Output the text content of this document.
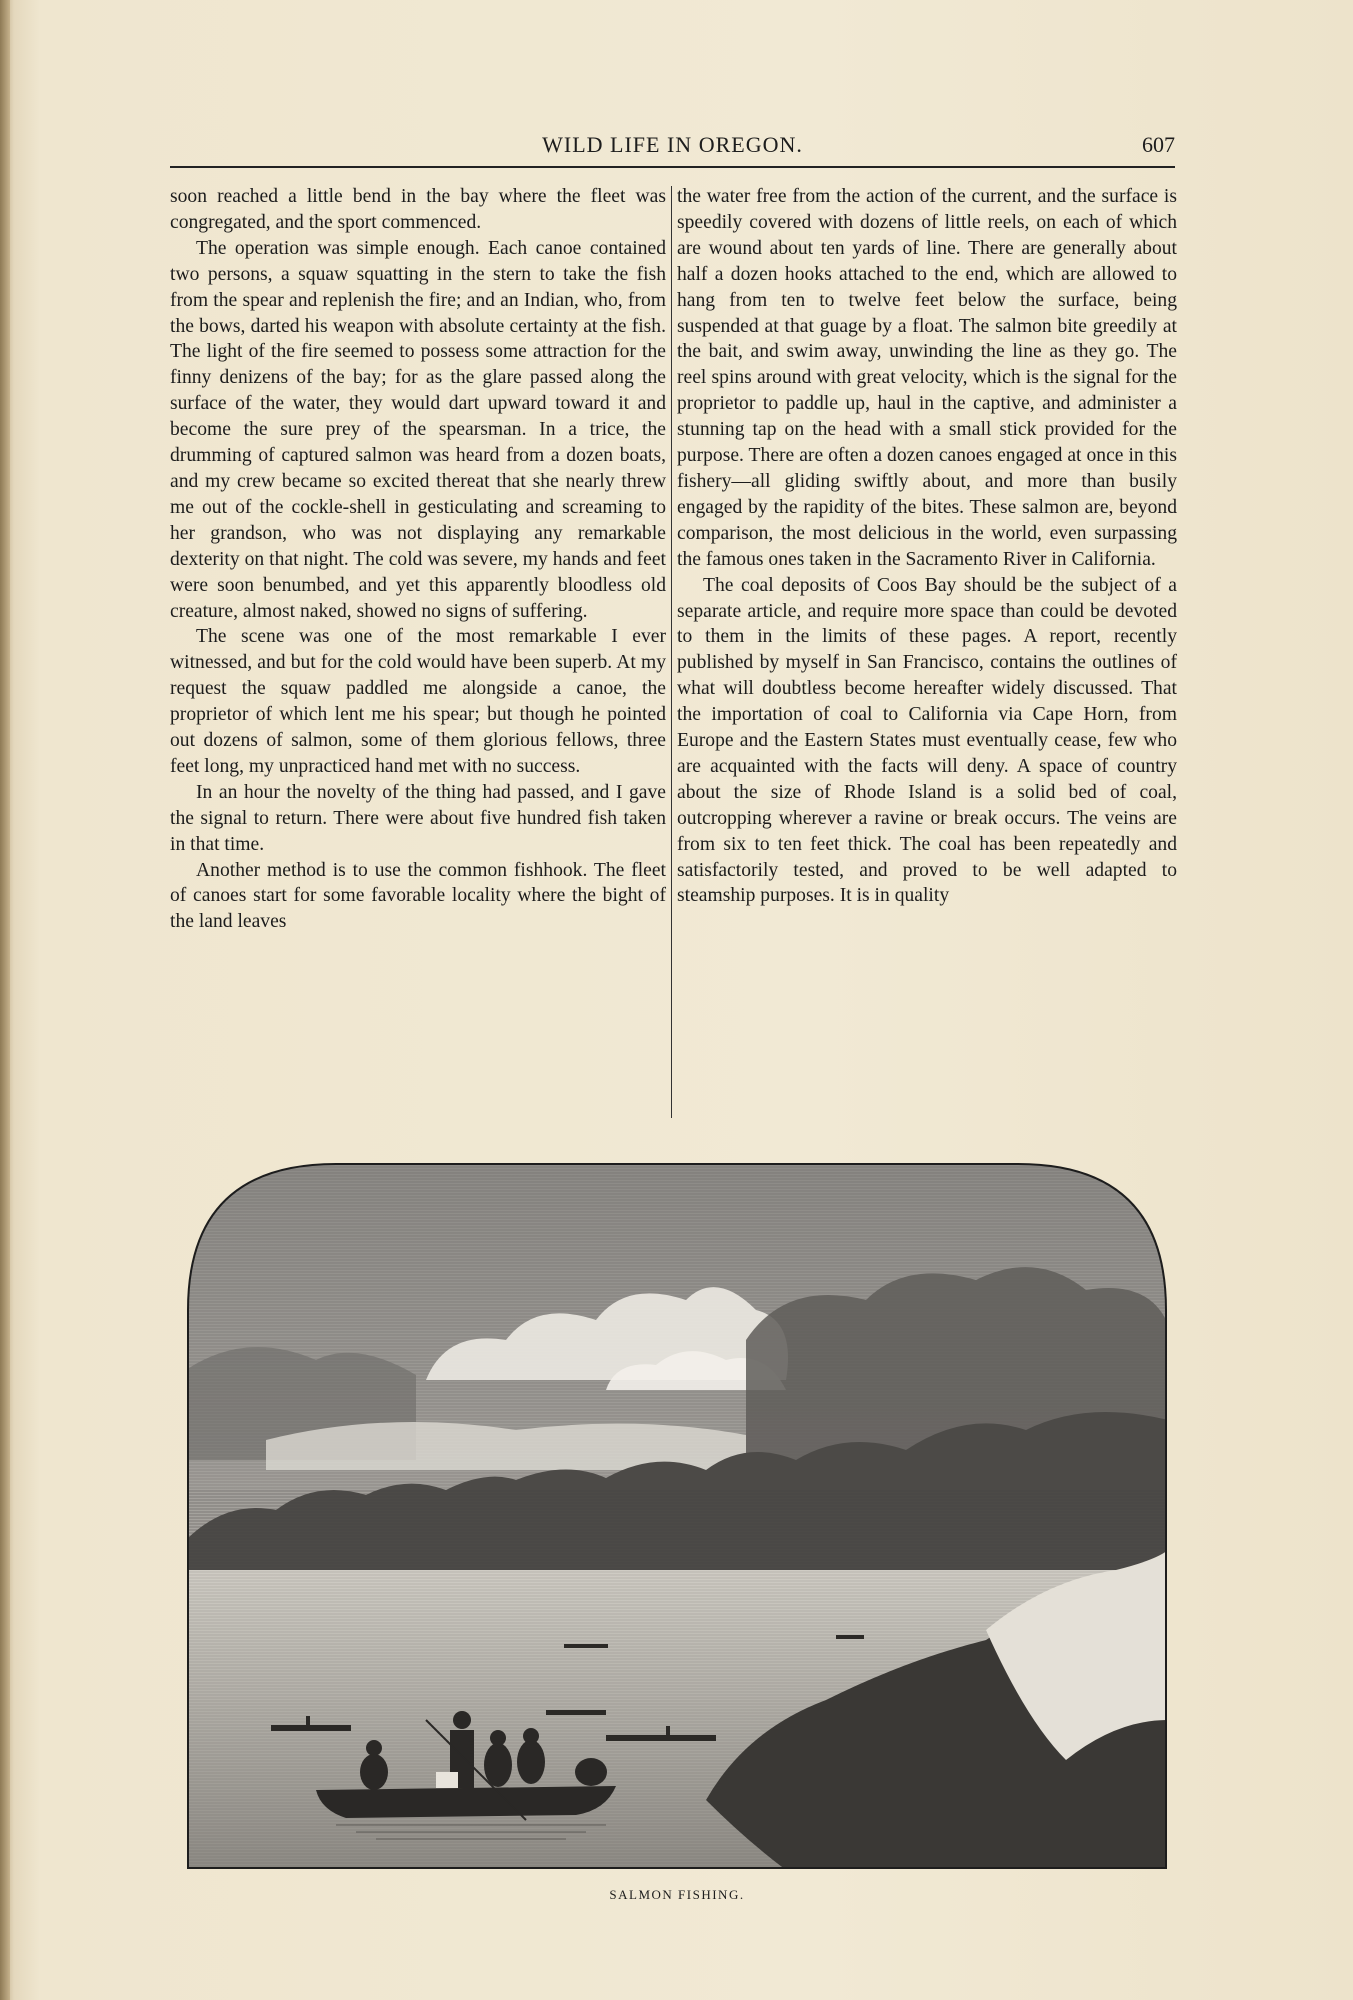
WILD LIFE IN OREGON.	607

soon reached a little bend in the bay where the fleet was congregated, and the sport commenced.

The operation was simple enough. Each canoe contained two persons, a squaw squatting in the stern to take the fish from the spear and replenish the fire; and an Indian, who, from the bows, darted his weapon with absolute certainty at the fish. The light of the fire seemed to possess some attraction for the finny denizens of the bay; for as the glare passed along the surface of the water, they would dart upward toward it and become the sure prey of the spearsman. In a trice, the drumming of captured salmon was heard from a dozen boats, and my crew became so excited thereat that she nearly threw me out of the cockle-shell in gesticulating and screaming to her grandson, who was not displaying any remarkable dexterity on that night. The cold was severe, my hands and feet were soon benumbed, and yet this apparently bloodless old creature, almost naked, showed no signs of suffering.

The scene was one of the most remarkable I ever witnessed, and but for the cold would have been superb. At my request the squaw paddled me alongside a canoe, the proprietor of which lent me his spear; but though he pointed out dozens of salmon, some of them glorious fellows, three feet long, my unpracticed hand met with no success.

In an hour the novelty of the thing had passed, and I gave the signal to return. There were about five hundred fish taken in that time.

Another method is to use the common fishhook. The fleet of canoes start for some favorable locality where the bight of the land leaves

the water free from the action of the current, and the surface is speedily covered with dozens of little reels, on each of which are wound about ten yards of line. There are generally about half a dozen hooks attached to the end, which are allowed to hang from ten to twelve feet below the surface, being suspended at that guage by a float. The salmon bite greedily at the bait, and swim away, unwinding the line as they go. The reel spins around with great velocity, which is the signal for the proprietor to paddle up, haul in the captive, and administer a stunning tap on the head with a small stick provided for the purpose. There are often a dozen canoes engaged at once in this fishery—all gliding swiftly about, and more than busily engaged by the rapidity of the bites. These salmon are, beyond comparison, the most delicious in the world, even surpassing the famous ones taken in the Sacramento River in California.

The coal deposits of Coos Bay should be the subject of a separate article, and require more space than could be devoted to them in the limits of these pages. A report, recently published by myself in San Francisco, contains the outlines of what will doubtless become hereafter widely discussed. That the importation of coal to California via Cape Horn, from Europe and the Eastern States must eventually cease, few who are acquainted with the facts will deny. A space of country about the size of Rhode Island is a solid bed of coal, outcropping wherever a ravine or break occurs. The veins are from six to ten feet thick. The coal has been repeatedly and satisfactorily tested, and proved to be well adapted to steamship purposes. It is in quality

SALMON FISHING.
